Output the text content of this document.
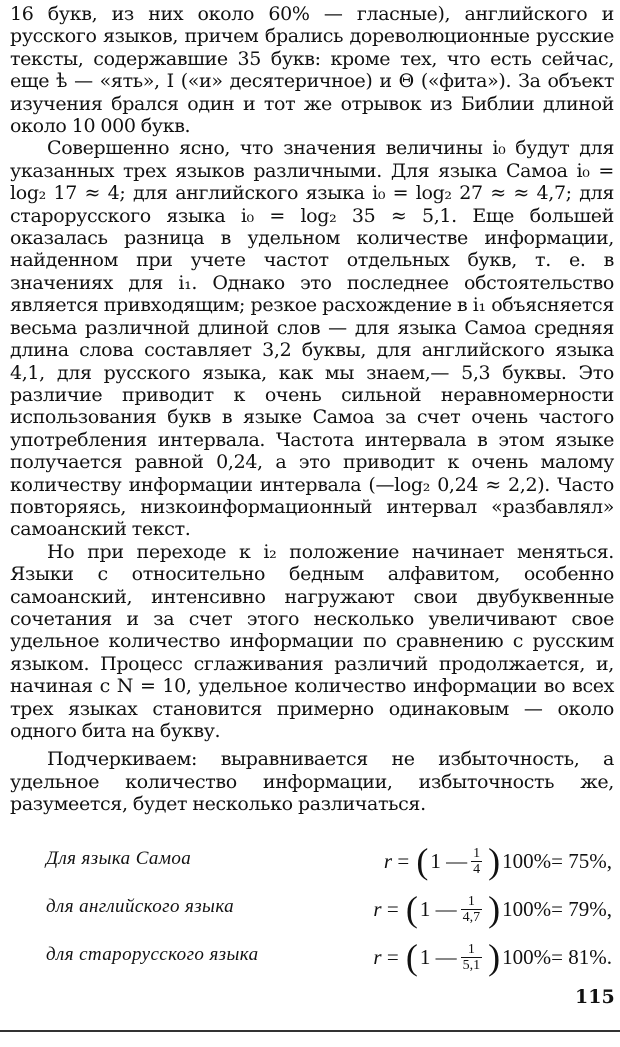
16 букв, из них около 60% — гласные), английского и русского языков, причем брались дореволюционные русские тексты, содержавшие 35 букв: кроме тех, что есть сейчас, еще ѣ — «ять», I («и» десятеричное) и Θ («фита»). За объект изучения брался один и тот же отрывок из Библии длиной около 10 000 букв.

Совершенно ясно, что значения величины i₀ будут для указанных трех языков различными. Для языка Самоа i₀ = log₂ 17 ≈ 4; для английского языка i₀ = log₂ 27 ≈ ≈ 4,7; для старорусского языка i₀ = log₂ 35 ≈ 5,1. Еще большей оказалась разница в удельном количестве информации, найденном при учете частот отдельных букв, т. е. в значениях для i₁. Однако это последнее обстоятельство является привходящим; резкое расхождение в i₁ объясняется весьма различной длиной слов — для языка Самоа средняя длина слова составляет 3,2 буквы, для английского языка 4,1, для русского языка, как мы знаем,— 5,3 буквы. Это различие приводит к очень сильной неравномерности использования букв в языке Самоа за счет очень частого употребления интервала. Частота интервала в этом языке получается равной 0,24, а это приводит к очень малому количеству информации интервала (—log₂ 0,24 ≈ 2,2). Часто повторяясь, низкоинформационный интервал «разбавлял» самоанский текст.

Но при переходе к i₂ положение начинает меняться. Языки с относительно бедным алфавитом, особенно самоанский, интенсивно нагружают свои двубуквенные сочетания и за счет этого несколько увеличивают свое удельное количество информации по сравнению с русским языком. Процесс сглаживания различий продолжается, и, начиная с N = 10, удельное количество информации во всех трех языках становится примерно одинаковым — около одного бита на букву.

Подчеркиваем: выравнивается не избыточность, а удельное количество информации, избыточность же, разумеется, будет несколько различаться.

Для языка Самоа	r
=
( 1
— $\frac{1}{4}$ ) 100% = 75%,
для английского языка	r
=
( 1
— $\frac{1}{4,7}$ ) 100% = 79%,
для старорусского языка	r
=
( 1
— $\frac{1}{5,1}$ ) 100% = 81%.
115
